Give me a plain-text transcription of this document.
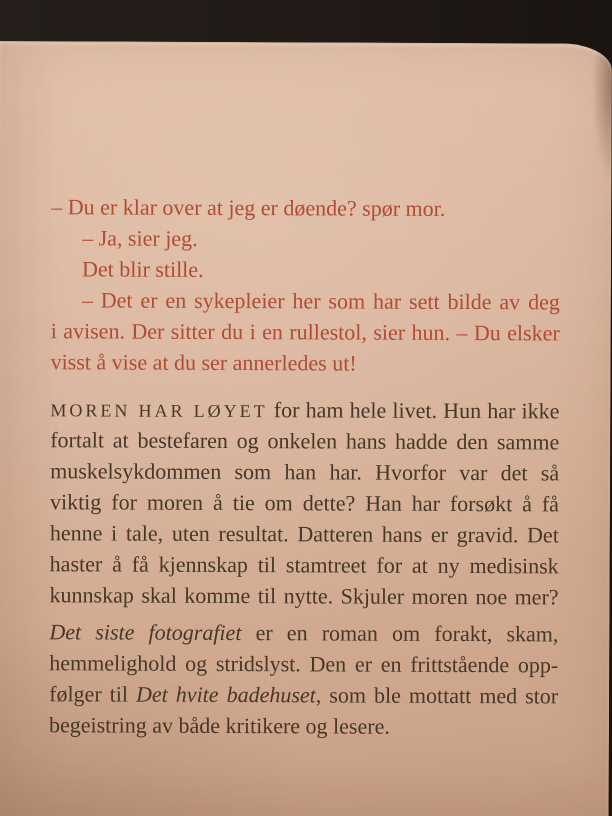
– Du er klar over at jeg er døende? spør mor.
– Ja, sier jeg.
Det blir stille.
– Det er en sykepleier her som har sett bilde av deg
i avisen. Der sitter du i en rullestol, sier hun. – Du elsker
visst å vise at du ser annerledes ut!
MOREN HAR LØYET for ham hele livet. Hun har ikke
fortalt at bestefaren og onkelen hans hadde den samme
muskelsykdommen som han har. Hvorfor var det så
viktig for moren å tie om dette? Han har forsøkt å få
henne i tale, uten resultat. Datteren hans er gravid. Det
haster å få kjennskap til stamtreet for at ny medisinsk
kunnskap skal komme til nytte. Skjuler moren noe mer?
Det siste fotografiet er en roman om forakt, skam,
hemmelighold og stridslyst. Den er en frittstående opp-
følger til Det hvite badehuset, som ble mottatt med stor
begeistring av både kritikere og lesere.
